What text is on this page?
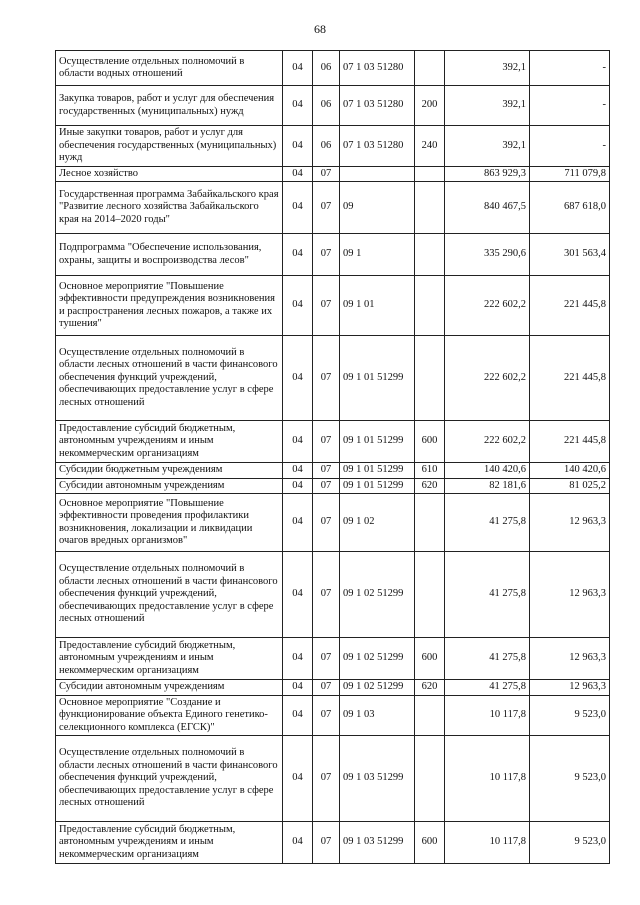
68
Осуществление отдельных полномочий в области водных отношений	04	06	07 1 03 51280		392,1	-
Закупка товаров, работ и услуг для обеспечения государственных (муниципальных) нужд	04	06	07 1 03 51280	200	392,1	-
Иные закупки товаров, работ и услуг для обеспечения государственных (муниципальных) нужд	04	06	07 1 03 51280	240	392,1	-
Лесное хозяйство	04	07			863 929,3	711 079,8
Государственная программа Забайкальского края "Развитие лесного хозяйства Забайкальского края на 2014–2020 годы"	04	07	09		840 467,5	687 618,0
Подпрограмма "Обеспечение использования, охраны, защиты и воспроизводства лесов"	04	07	09 1		335 290,6	301 563,4
Основное мероприятие "Повышение эффективности предупреждения возникновения и распространения лесных пожаров, а также их тушения"	04	07	09 1 01		222 602,2	221 445,8
Осуществление отдельных полномочий в области лесных отношений в части финансового обеспечения функций учреждений, обеспечивающих предоставление услуг в сфере лесных отношений	04	07	09 1 01 51299		222 602,2	221 445,8
Предоставление субсидий бюджетным, автономным учреждениям и иным некоммерческим организациям	04	07	09 1 01 51299	600	222 602,2	221 445,8
Субсидии бюджетным учреждениям	04	07	09 1 01 51299	610	140 420,6	140 420,6
Субсидии автономным учреждениям	04	07	09 1 01 51299	620	82 181,6	81 025,2
Основное мероприятие "Повышение эффективности проведения профилактики возникновения, локализации и ликвидации очагов вредных организмов"	04	07	09 1 02		41 275,8	12 963,3
Осуществление отдельных полномочий в области лесных отношений в части финансового обеспечения функций учреждений, обеспечивающих предоставление услуг в сфере лесных отношений	04	07	09 1 02 51299		41 275,8	12 963,3
Предоставление субсидий бюджетным, автономным учреждениям и иным некоммерческим организациям	04	07	09 1 02 51299	600	41 275,8	12 963,3
Субсидии автономным учреждениям	04	07	09 1 02 51299	620	41 275,8	12 963,3
Основное мероприятие "Создание и функционирование объекта Единого генетико-селекционного комплекса (ЕГСК)"	04	07	09 1 03		10 117,8	9 523,0
Осуществление отдельных полномочий в области лесных отношений в части финансового обеспечения функций учреждений, обеспечивающих предоставление услуг в сфере лесных отношений	04	07	09 1 03 51299		10 117,8	9 523,0
Предоставление субсидий бюджетным, автономным учреждениям и иным некоммерческим организациям	04	07	09 1 03 51299	600	10 117,8	9 523,0
